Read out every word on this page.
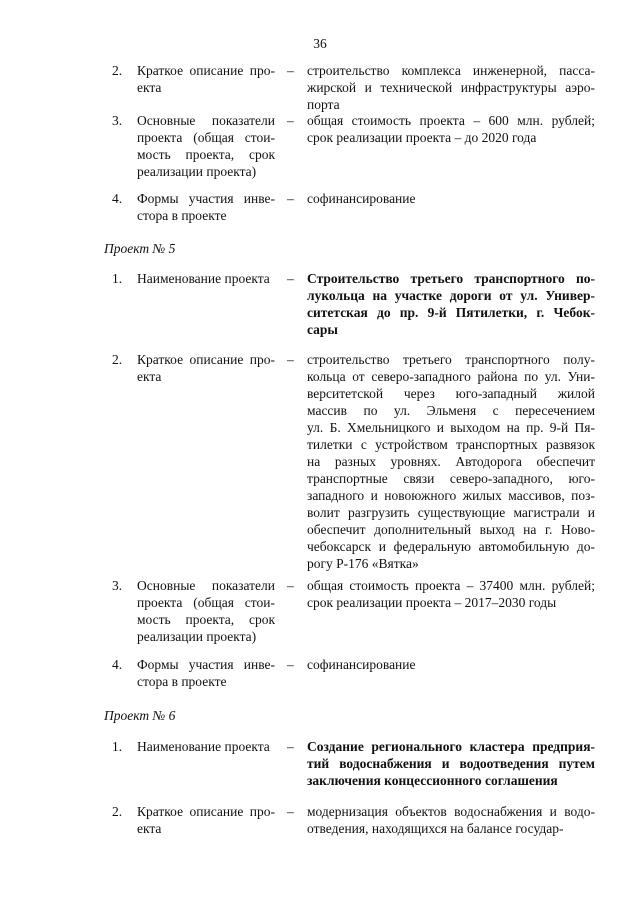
36
2. Краткое описание про-
екта
– строительство комплекса инженерной, пасса-
жирской и технической инфраструктуры аэро-
порта
3. Основные показатели
проекта (общая стои-
мость проекта, срок
реализации проекта)
– общая стоимость проекта – 600 млн. рублей;
срок реализации проекта – до 2020 года
4. Формы участия инве-
стора в проекте
– софинансирование
Проект № 5
1. Наименование проекта	– Строительство третьего транспортного по-
лукольца на участке дороги от ул. Универ-
ситетская до пр. 9-й Пятилетки, г. Чебок-
сары
2. Краткое описание про-
екта
– строительство третьего транспортного полу-
кольца от северо-западного района по ул. Уни-
верситетской через юго-западный жилой
массив по ул. Эльменя с пересечением
ул. Б. Хмельницкого и выходом на пр. 9-й Пя-
тилетки с устройством транспортных развязок
на разных уровнях. Автодорога обеспечит
транспортные связи северо-западного, юго-
западного и новоюжного жилых массивов, поз-
волит разгрузить существующие магистрали и
обеспечит дополнительный выход на г. Ново-
чебоксарск и федеральную автомобильную до-
рогу Р-176 «Вятка»
3. Основные показатели
проекта (общая стои-
мость проекта, срок
реализации проекта)
– общая стоимость проекта – 37400 млн. рублей;
срок реализации проекта – 2017–2030 годы
4. Формы участия инве-
стора в проекте
– софинансирование
Проект № 6
1. Наименование проекта	– Создание регионального кластера предприя-
тий водоснабжения и водоотведения путем
заключения концессионного соглашения
2. Краткое описание про-
екта
– модернизация объектов водоснабжения и водо-
отведения, находящихся на балансе государ-
